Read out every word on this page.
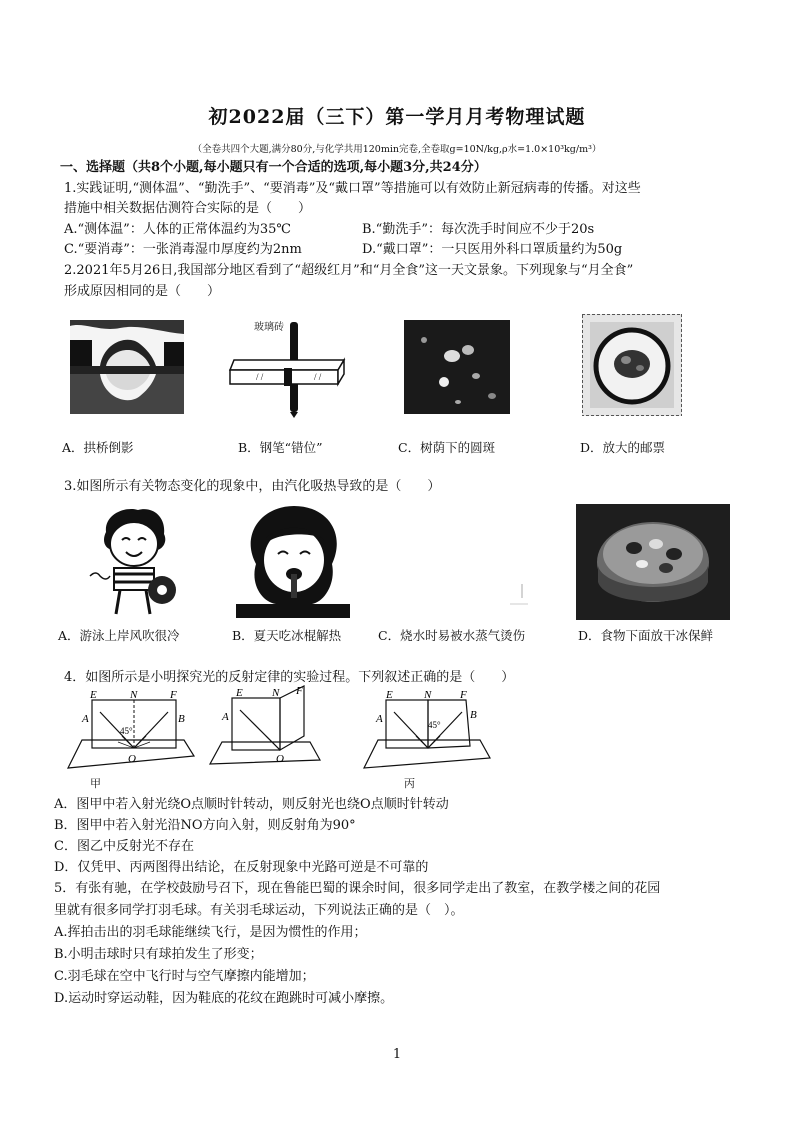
初2022届（三下）第一学月月考物理试题
（全卷共四个大题,满分80分,与化学共用120min完卷,全卷取g=10N/kg,ρ水=1.0×10³kg/m³）
一、选择题（共8个小题,每小题只有一个合适的选项,每小题3分,共24分）
1.实践证明,“测体温”、“勤洗手”、“要消毒”及“戴口罩”等措施可以有效防止新冠病毒的传播。对这些
措施中相关数据估测符合实际的是（　　）
A.“测体温”：人体的正常体温约为35℃	B.“勤洗手”：每次洗手时间应不少于20s
C.“要消毒”：一张消毒湿巾厚度约为2nm	D.“戴口罩”：一只医用外科口罩质量约为50g
2.2021年5月26日,我国部分地区看到了“超级红月”和“月全食”这一天文景象。下列现象与“月全食”
形成原因相同的是（　　）
A．拱桥倒影
/ /	/ /
玻璃砖
B．钢笔“错位”	C．树荫下的圆斑	D．放大的邮票
3.如图所示有关物态变化的现象中，由汽化吸热导致的是（　　）
A．游泳上岸风吹很冷	B．夏天吃冰棍解热	C．烧水时易被水蒸气烫伤	D．食物下面放干冰保鲜
4．如图所示是小明探究光的反射定律的实验过程。下列叙述正确的是（　　）
E	N	F
A	B
45°
O
甲
E	N F
A
O
E	N	F
A	B
45°
丙
A．图甲中若入射光绕O点顺时针转动，则反射光也绕O点顺时针转动
B．图甲中若入射光沿NO方向入射，则反射角为90°
C．图乙中反射光不存在
D．仅凭甲、丙两图得出结论，在反射现象中光路可逆是不可靠的
5．有张有驰，在学校鼓励号召下，现在鲁能巴蜀的课余时间，很多同学走出了教室，在教学楼之间的花园
里就有很多同学打羽毛球。有关羽毛球运动，下列说法正确的是（　）。
A.挥拍击出的羽毛球能继续飞行，是因为惯性的作用；
B.小明击球时只有球拍发生了形变；
C.羽毛球在空中飞行时与空气摩擦内能增加；
D.运动时穿运动鞋，因为鞋底的花纹在跑跳时可减小摩擦。
1
